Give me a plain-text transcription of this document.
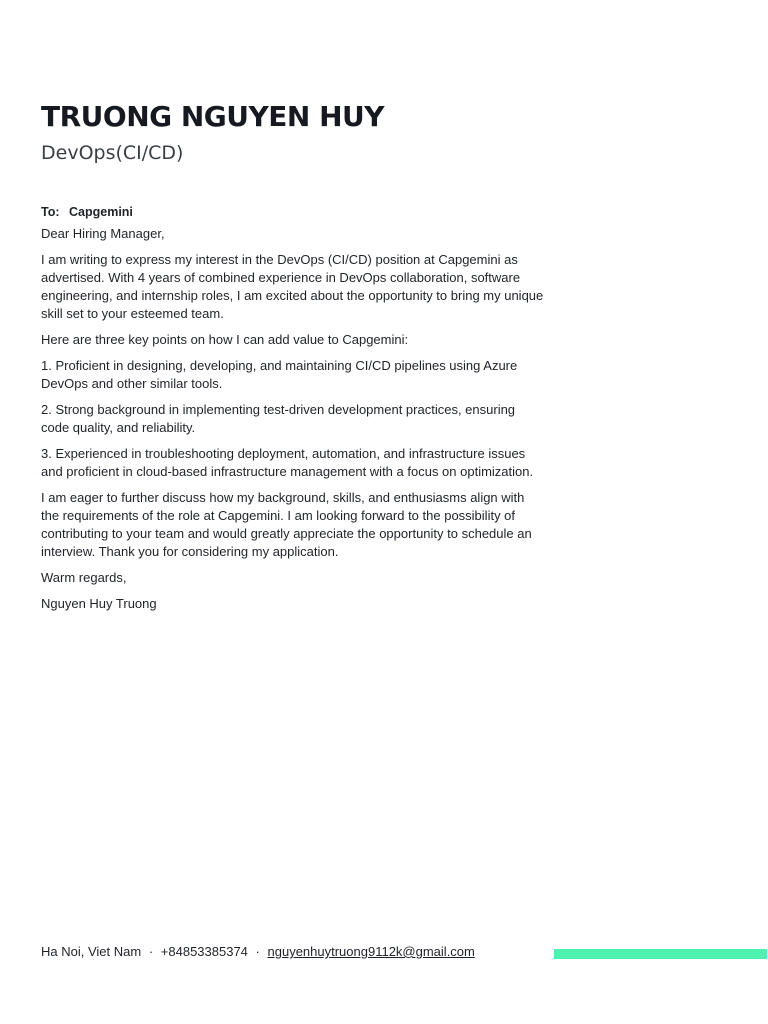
TRUONG NGUYEN HUY
DevOps(CI/CD)
To: Capgemini

Dear Hiring Manager,

I am writing to express my interest in the DevOps (CI/CD) position at Capgemini as advertised. With 4 years of combined experience in DevOps collaboration, software engineering, and internship roles, I am excited about the opportunity to bring my unique skill set to your esteemed team.

Here are three key points on how I can add value to Capgemini:

1. Proficient in designing, developing, and maintaining CI/CD pipelines using Azure DevOps and other similar tools.

2. Strong background in implementing test-driven development practices, ensuring code quality, and reliability.

3. Experienced in troubleshooting deployment, automation, and infrastructure issues and proficient in cloud-based infrastructure management with a focus on optimization.

I am eager to further discuss how my background, skills, and enthusiasms align with the requirements of the role at Capgemini. I am looking forward to the possibility of contributing to your team and would greatly appreciate the opportunity to schedule an interview. Thank you for considering my application.

Warm regards,

Nguyen Huy Truong

Ha Noi, Viet Nam · +84853385374 · nguyenhuytruong9112k@gmail.com
